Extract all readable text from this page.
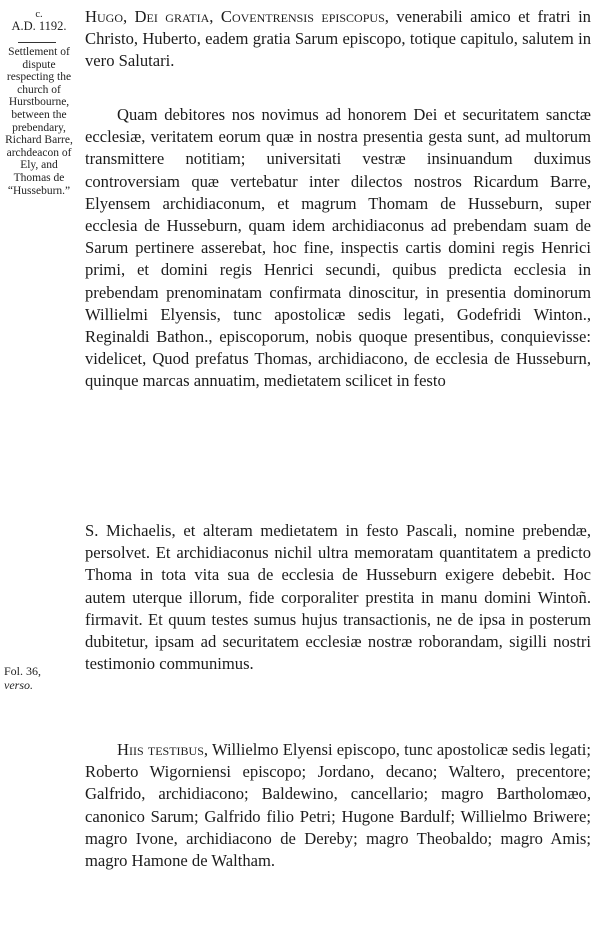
c.
A.D. 1192.
Settlement of dispute respecting the church of Hurstbourne, between the prebendary, Richard Barre, archdeacon of Ely, and Thomas de “Husseburn.”
Fol. 36,
verso.

Hugo, Dei gratia, Coventrensis episcopus, venerabili amico et fratri in Christo, Huberto, eadem gratia Sarum episcopo, totique capitulo, salutem in vero Salutari.

Quam debitores nos novimus ad honorem Dei et securitatem sanctæ ecclesiæ, veritatem eorum quæ in nostra presentia gesta sunt, ad multorum transmittere notitiam; universitati vestræ insinuandum duximus controversiam quæ vertebatur inter dilectos nostros Ricardum Barre, Elyensem archidiaconum, et magrum Thomam de Husseburn, super ecclesia de Husseburn, quam idem archidiaconus ad prebendam suam de Sarum pertinere asserebat, hoc fine, inspectis cartis domini regis Henrici primi, et domini regis Henrici secundi, quibus predicta ecclesia in prebendam prenominatam confirmata dinoscitur, in presentia dominorum Willielmi Elyensis, tunc apostolicæ sedis legati, Godefridi Winton., Reginaldi Bathon., episcoporum, nobis quoque presentibus, conquievisse: videlicet, Quod prefatus Thomas, archidiacono, de ecclesia de Husseburn, quinque marcas annuatim, medietatem scilicet in festo

S. Michaelis, et alteram medietatem in festo Pascali, nomine prebendæ, persolvet. Et archidiaconus nichil ultra memoratam quantitatem a predicto Thoma in tota vita sua de ecclesia de Husseburn exigere debebit. Hoc autem uterque illorum, fide corporaliter prestita in manu domini Wintoñ. firmavit. Et quum testes sumus hujus transactionis, ne de ipsa in posterum dubitetur, ipsam ad securitatem ecclesiæ nostræ roborandam, sigilli nostri testimonio communimus.

Hiis testibus, Willielmo Elyensi episcopo, tunc apostolicæ sedis legati; Roberto Wigorniensi episcopo; Jordano, decano; Waltero, precentore; Galfrido, archidiacono; Baldewino, cancellario; magro Bartholomæo, canonico Sarum; Galfrido filio Petri; Hugone Bardulf; Willielmo Briwere; magro Ivone, archidiacono de Dereby; magro Theobaldo; magro Amis; magro Hamone de Waltham.
